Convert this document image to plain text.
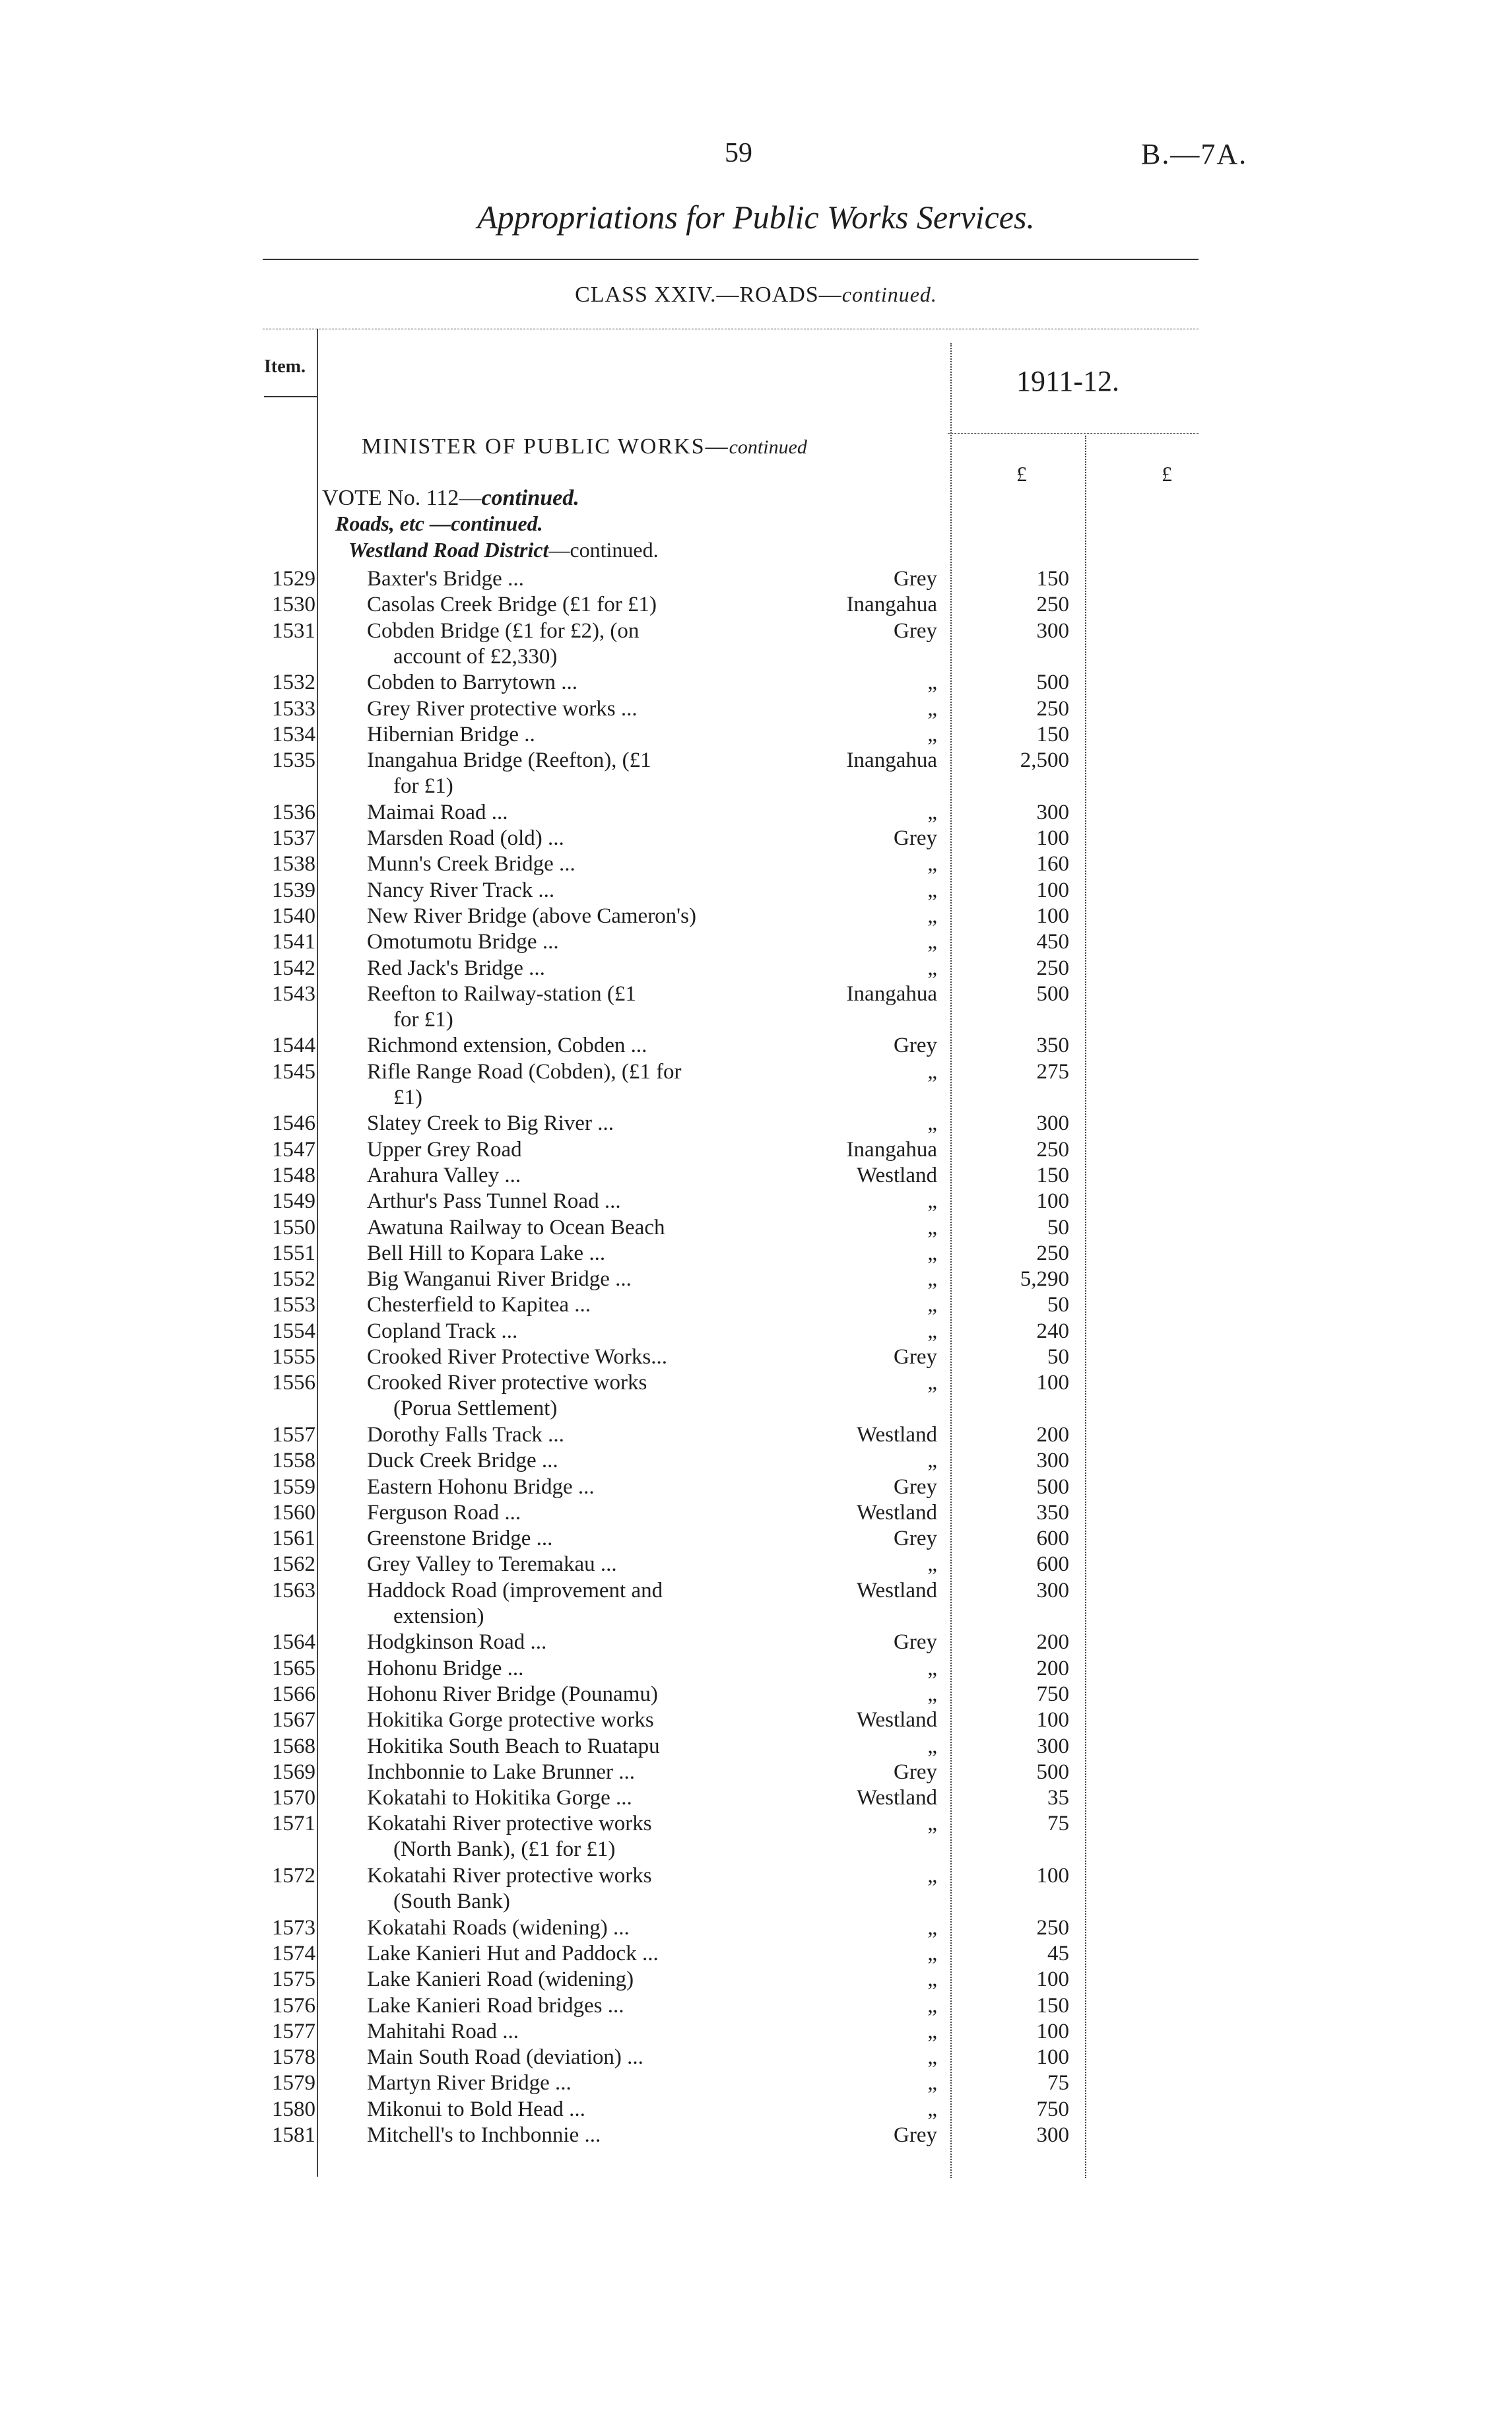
59	B.—7A.
Appropriations for Public Works Services.
CLASS XXIV.—ROADS—continued.
Item.	1911-12.
£	£
MINISTER OF PUBLIC WORKS—continued
VOTE No. 112—continued.
Roads, etc —continued.
Westland Road District—continued.
1529 Baxter's Bridge ...	Grey	150
1530 Casolas Creek Bridge (£1 for £1)	Inangahua	250
1531 Cobden Bridge (£1 for £2), (on
account of £2,330)
Grey	300
1532 Cobden to Barrytown ...	„	500
1533 Grey River protective works ...	„	250
1534 Hibernian Bridge ..	„	150
1535 Inangahua Bridge (Reefton), (£1
for £1)
Inangahua	2,500
1536 Maimai Road ...	„	300
1537 Marsden Road (old) ...	Grey	100
1538 Munn's Creek Bridge ...	„	160
1539 Nancy River Track ...	„	100
1540 New River Bridge (above Cameron's)	„	100
1541 Omotumotu Bridge ...	„	450
1542 Red Jack's Bridge ...	„	250
1543 Reefton to Railway-station (£1
for £1)
Inangahua	500
1544 Richmond extension, Cobden ...	Grey	350
1545 Rifle Range Road (Cobden), (£1 for
£1)
„	275
1546 Slatey Creek to Big River ...	„	300
1547 Upper Grey Road	Inangahua	250
1548 Arahura Valley ...	Westland	150
1549 Arthur's Pass Tunnel Road ...	„	100
1550 Awatuna Railway to Ocean Beach	„	50
1551 Bell Hill to Kopara Lake ...	„	250
1552 Big Wanganui River Bridge ...	„	5,290
1553 Chesterfield to Kapitea ...	„	50
1554 Copland Track ...	„	240
1555 Crooked River Protective Works...	Grey	50
1556 Crooked River protective works
(Porua Settlement)
„	100
1557 Dorothy Falls Track ...	Westland	200
1558 Duck Creek Bridge ...	„	300
1559 Eastern Hohonu Bridge ...	Grey	500
1560 Ferguson Road ...	Westland	350
1561 Greenstone Bridge ...	Grey	600
1562 Grey Valley to Teremakau ...	„	600
1563 Haddock Road (improvement and
extension)
Westland	300
1564 Hodgkinson Road ...	Grey	200
1565 Hohonu Bridge ...	„	200
1566 Hohonu River Bridge (Pounamu)	„	750
1567 Hokitika Gorge protective works	Westland	100
1568 Hokitika South Beach to Ruatapu	„	300
1569 Inchbonnie to Lake Brunner ...	Grey	500
1570 Kokatahi to Hokitika Gorge ...	Westland	35
1571 Kokatahi River protective works
(North Bank), (£1 for £1)
„	75
1572 Kokatahi River protective works
(South Bank)
„	100
1573 Kokatahi Roads (widening) ...	„	250
1574 Lake Kanieri Hut and Paddock ...	„	45
1575 Lake Kanieri Road (widening)	„	100
1576 Lake Kanieri Road bridges ...	„	150
1577 Mahitahi Road ...	„	100
1578 Main South Road (deviation) ...	„	100
1579 Martyn River Bridge ...	„	75
1580 Mikonui to Bold Head ...	„	750
1581 Mitchell's to Inchbonnie ...	Grey	300
